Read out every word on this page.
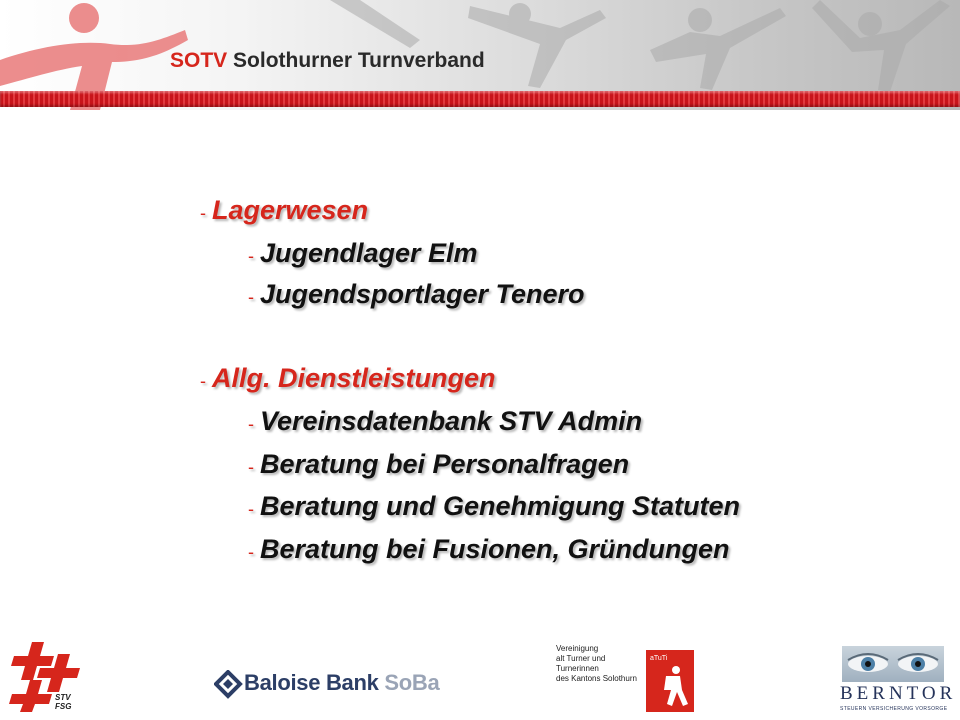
SOTV Solothurner Turnverband
- Lagerwesen
- Jugendlager Elm
- Jugendsportlager Tenero
- Allg. Dienstleistungen
- Vereinsdatenbank STV Admin
- Beratung bei Personalfragen
- Beratung und Genehmigung Statuten
- Beratung bei Fusionen, Gründungen
STV
FSG
Baloise Bank SoBa
Vereinigung
alt Turner und Turnerinnen
des Kantons Solothurn
aTuTi
BERNTOR
STEUERN VERSICHERUNG VORSORGE
